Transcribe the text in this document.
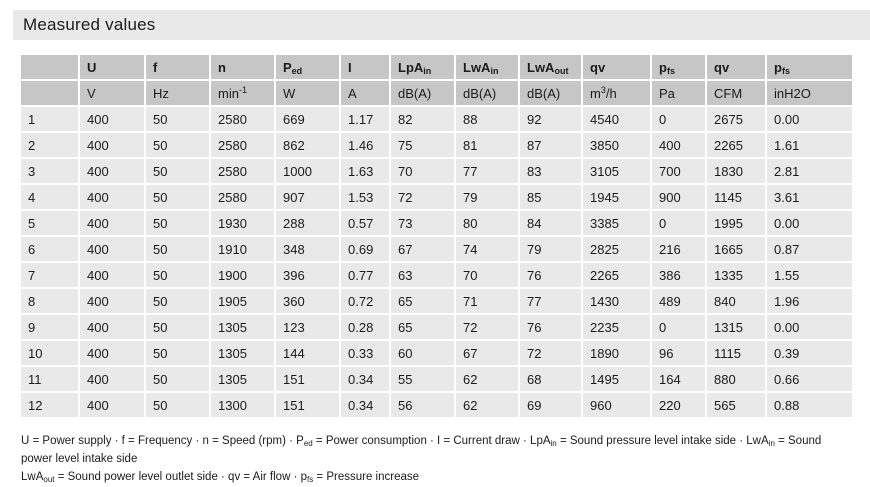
Measured values
	U	f	n	$P_{ed}$	I	LpA$_{in}$	LwA$_{in}$	LwA$_{out}$	qv	$p_{fs}$	qv	$p_{fs}$
	V	Hz	$\min^{-1}$	W	A	dB(A)	dB(A)	dB(A)	$m^3/h$	Pa	CFM	inH2O
1	400	50	2580	669	1.17	82	88	92	4540	0	2675	0.00
2	400	50	2580	862	1.46	75	81	87	3850	400	2265	1.61
3	400	50	2580	1000	1.63	70	77	83	3105	700	1830	2.81
4	400	50	2580	907	1.53	72	79	85	1945	900	1145	3.61
5	400	50	1930	288	0.57	73	80	84	3385	0	1995	0.00
6	400	50	1910	348	0.69	67	74	79	2825	216	1665	0.87
7	400	50	1900	396	0.77	63	70	76	2265	386	1335	1.55
8	400	50	1905	360	0.72	65	71	77	1430	489	840	1.96
9	400	50	1305	123	0.28	65	72	76	2235	0	1315	0.00
10	400	50	1305	144	0.33	60	67	72	1890	96	1115	0.39
11	400	50	1305	151	0.34	55	62	68	1495	164	880	0.66
12	400	50	1300	151	0.34	56	62	69	960	220	565	0.88
U = Power supply · f = Frequency · n = Speed $(rpm) \cdot P_{ed}$ = Power consumption · I = Current draw · LpA$_{in}$ = Sound pressure level intake side · LwA$_{in}$ = Sound power level intake side
LwA$_{out}$ = Sound power level outlet side · qv = Air flow · $p_{fs}$ = Pressure increase
